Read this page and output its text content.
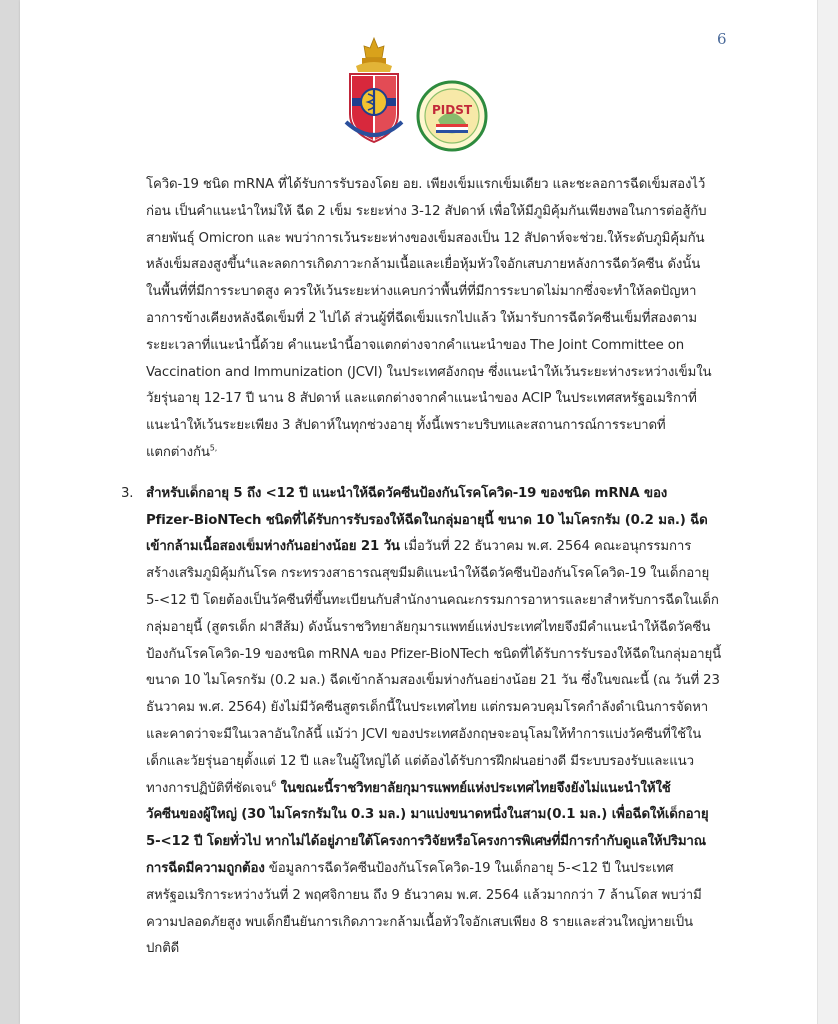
6
PIDST

โควิด-19 ชนิด mRNA ที่ได้รับการรับรองโดย อย. เพียงเข็มแรกเข็มเดียว และชะลอการฉีดเข็มสองไว้

ก่อน เป็นคำแนะนำใหม่ให้ ฉีด 2 เข็ม ระยะห่าง 3-12 สัปดาห์ เพื่อให้มีภูมิคุ้มกันเพียงพอในการต่อสู้กับ

สายพันธุ์ Omicron และ พบว่าการเว้นระยะห่างของเข็มสองเป็น 12 สัปดาห์จะช่วย.ให้ระดับภูมิคุ้มกัน

หลังเข็มสองสูงขึ้น⁴และลดการเกิดภาวะกล้ามเนื้อและเยื่อหุ้มหัวใจอักเสบภายหลังการฉีดวัคซีน ดังนั้น

ในพื้นที่ที่มีการระบาดสูง ควรให้เว้นระยะห่างแคบกว่าพื้นที่ที่มีการระบาดไม่มากซึ่งจะทำให้ลดปัญหา

อาการข้างเคียงหลังฉีดเข็มที่ 2 ไปได้ ส่วนผู้ที่ฉีดเข็มแรกไปแล้ว ให้มารับการฉีดวัคซีนเข็มที่สองตาม

ระยะเวลาที่แนะนำนี้ด้วย คำแนะนำนี้อาจแตกต่างจากคำแนะนำของ The Joint Committee on

Vaccination and Immunization (JCVI) ในประเทศอังกฤษ ซึ่งแนะนำให้เว้นระยะห่างระหว่างเข็มใน

วัยรุ่นอายุ 12-17 ปี นาน 8 สัปดาห์ และแตกต่างจากคำแนะนำของ ACIP ในประเทศสหรัฐอเมริกาที่

แนะนำให้เว้นระยะเพียง 3 สัปดาห์ในทุกช่วงอายุ ทั้งนี้เพราะบริบทและสถานการณ์การระบาดที่

แตกต่างกัน$^{5,}$

3. สำหรับเด็กอายุ 5 ถึง <12 ปี แนะนำให้ฉีดวัคซีนป้องกันโรคโควิด-19 ของชนิด mRNA ของ

Pfizer-BioNTech ชนิดที่ได้รับการรับรองให้ฉีดในกลุ่มอายุนี้ ขนาด 10 ไมโครกรัม (0.2 มล.) ฉีด

เข้ากล้ามเนื้อสองเข็มห่างกันอย่างน้อย 21 วัน เมื่อวันที่ 22 ธันวาคม พ.ศ. 2564 คณะอนุกรรมการ

สร้างเสริมภูมิคุ้มกันโรค กระทรวงสาธารณสุขมีมติแนะนำให้ฉีดวัคซีนป้องกันโรคโควิด-19 ในเด็กอายุ

5-<12 ปี โดยต้องเป็นวัคซีนที่ขึ้นทะเบียนกับสำนักงานคณะกรรมการอาหารและยาสำหรับการฉีดในเด็ก

กลุ่มอายุนี้ (สูตรเด็ก ฝาสีส้ม) ดังนั้นราชวิทยาลัยกุมารแพทย์แห่งประเทศไทยจึงมีคำแนะนำให้ฉีดวัคซีน

ป้องกันโรคโควิด-19 ของชนิด mRNA ของ Pfizer-BioNTech ชนิดที่ได้รับการรับรองให้ฉีดในกลุ่มอายุนี้

ขนาด 10 ไมโครกรัม (0.2 มล.) ฉีดเข้ากล้ามสองเข็มห่างกันอย่างน้อย 21 วัน ซึ่งในขณะนี้ (ณ วันที่ 23

ธันวาคม พ.ศ. 2564) ยังไม่มีวัคซีนสูตรเด็กนี้ในประเทศไทย แต่กรมควบคุมโรคกำลังดำเนินการจัดหา

และคาดว่าจะมีในเวลาอันใกล้นี้ แม้ว่า JCVI ของประเทศอังกฤษจะอนุโลมให้ทำการแบ่งวัคซีนที่ใช้ใน

เด็กและวัยรุ่นอายุตั้งแต่ 12 ปี และในผู้ใหญ่ได้ แต่ต้องได้รับการฝึกฝนอย่างดี มีระบบรองรับและแนว

ทางการปฏิบัติที่ชัดเจน$^6$ ในขณะนี้ราชวิทยาลัยกุมารแพทย์แห่งประเทศไทยจึงยังไม่แนะนำให้ใช้

วัคซีนของผู้ใหญ่ (30 ไมโครกรัมใน 0.3 มล.) มาแบ่งขนาดหนึ่งในสาม(0.1 มล.) เพื่อฉีดให้เด็กอายุ

5-<12 ปี โดยทั่วไป หากไม่ได้อยู่ภายใต้โครงการวิจัยหรือโครงการพิเศษที่มีการกำกับดูแลให้ปริมาณ

การฉีดมีความถูกต้อง ข้อมูลการฉีดวัคซีนป้องกันโรคโควิด-19 ในเด็กอายุ 5-<12 ปี ในประเทศ

สหรัฐอเมริการะหว่างวันที่ 2 พฤศจิกายน ถึง 9 ธันวาคม พ.ศ. 2564 แล้วมากกว่า 7 ล้านโดส พบว่ามี

ความปลอดภัยสูง พบเด็กยืนยันการเกิดภาวะกล้ามเนื้อหัวใจอักเสบเพียง 8 รายและส่วนใหญ่หายเป็น

ปกติดี
